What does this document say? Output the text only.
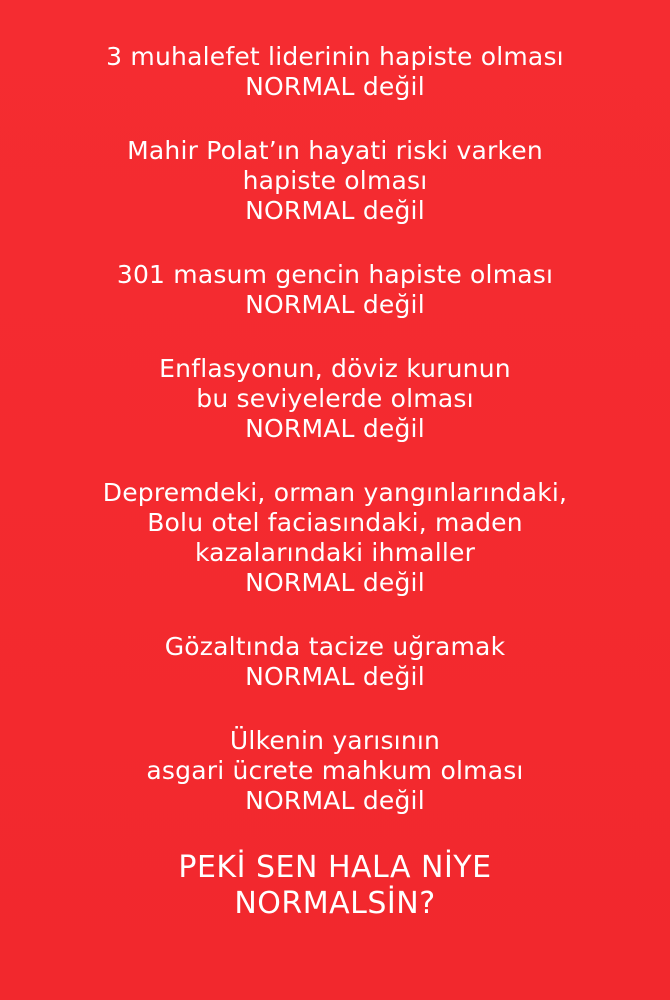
3 muhalefet liderinin hapiste olması
NORMAL değil
Mahir Polat’ın hayati riski varken
hapiste olması
NORMAL değil
301 masum gencin hapiste olması
NORMAL değil
Enflasyonun, döviz kurunun
bu seviyelerde olması
NORMAL değil
Depremdeki, orman yangınlarındaki,
Bolu otel faciasındaki, maden
kazalarındaki ihmaller
NORMAL değil
Gözaltında tacize uğramak
NORMAL değil
Ülkenin yarısının
asgari ücrete mahkum olması
NORMAL değil
PEKİ SEN HALA NİYE
NORMALSİN?
